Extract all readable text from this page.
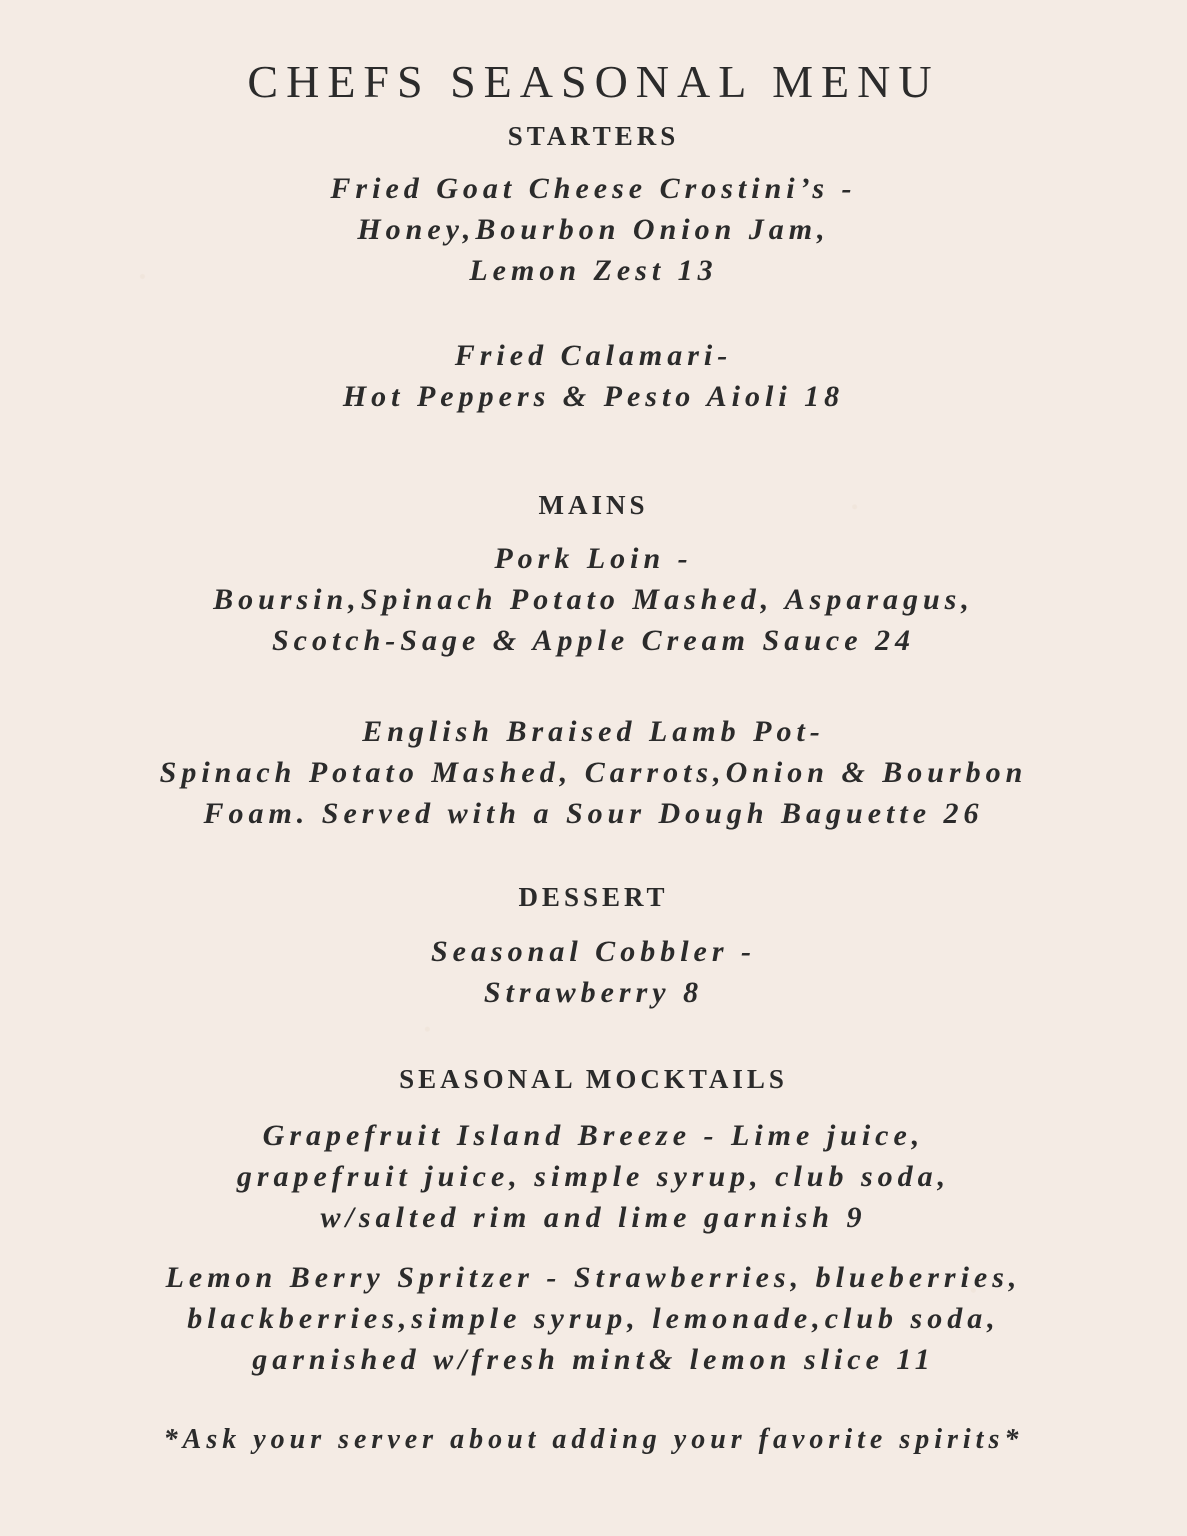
CHEFS SEASONAL MENU
STARTERS
Fried Goat Cheese Crostini’s -
Honey,Bourbon Onion Jam,
Lemon Zest 13
Fried Calamari-
Hot Peppers & Pesto Aioli 18
MAINS
Pork Loin -
Boursin,Spinach Potato Mashed, Asparagus,
Scotch-Sage & Apple Cream Sauce 24
English Braised Lamb Pot-
Spinach Potato Mashed, Carrots,Onion & Bourbon
Foam. Served with a Sour Dough Baguette 26
DESSERT
Seasonal Cobbler -
Strawberry 8
SEASONAL MOCKTAILS
Grapefruit Island Breeze - Lime juice,
grapefruit juice, simple syrup, club soda,
w/salted rim and lime garnish 9
Lemon Berry Spritzer - Strawberries, blueberries,
blackberries,simple syrup, lemonade,club soda,
garnished w/fresh mint& lemon slice 11
*Ask your server about adding your favorite spirits*
